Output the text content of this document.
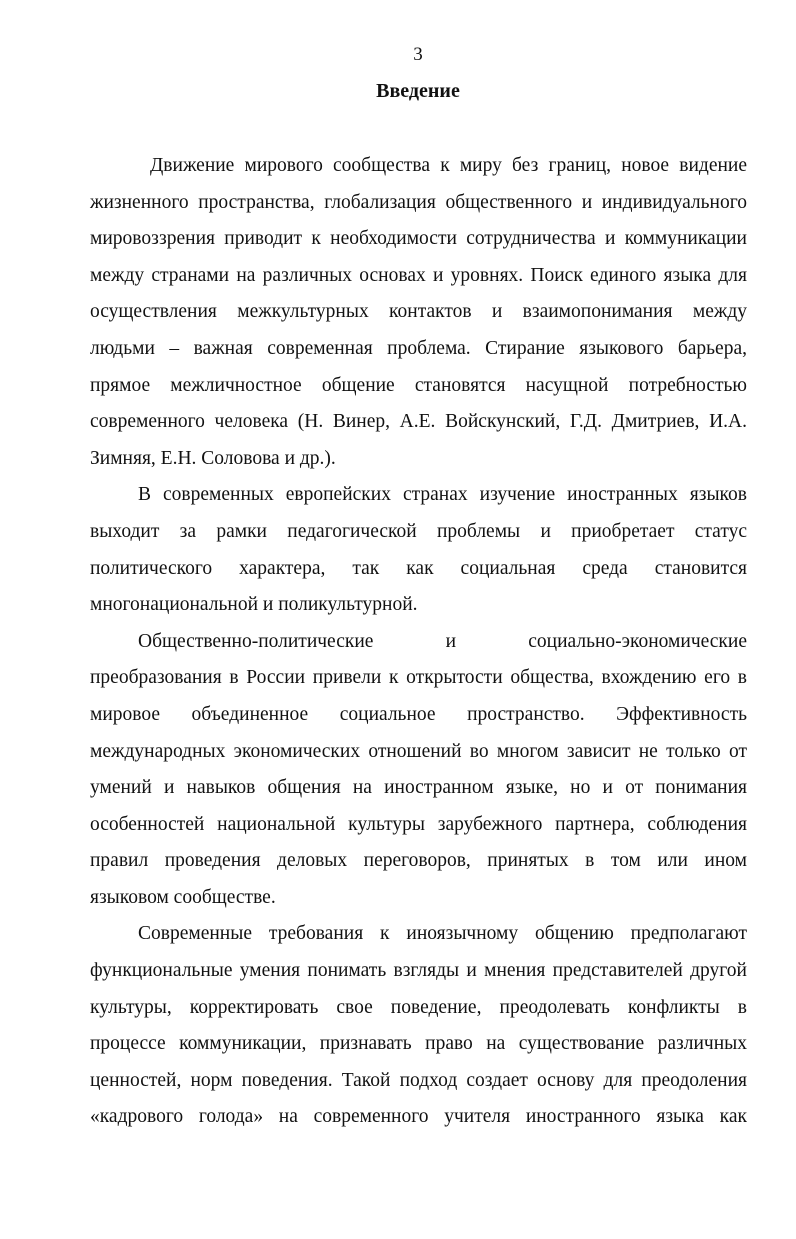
3
Введение
Движение мирового сообщества к миру без границ, новое видение
жизненного пространства, глобализация общественного и индивидуального
мировоззрения приводит к необходимости сотрудничества и коммуникации
между странами на различных основах и уровнях. Поиск единого языка для
осуществления межкультурных контактов и взаимопонимания между
людьми – важная современная проблема. Стирание языкового барьера,
прямое межличностное общение становятся насущной потребностью
современного человека (Н. Винер, А.Е. Войскунский, Г.Д. Дмитриев, И.А.
Зимняя, Е.Н. Соловова и др.).
В современных европейских странах изучение иностранных языков
выходит за рамки педагогической проблемы и приобретает статус
политического характера, так как социальная среда становится
многонациональной и поликультурной.
Общественно-политические и социально-экономические
преобразования в России привели к открытости общества, вхождению его в
мировое объединенное социальное пространство. Эффективность
международных экономических отношений во многом зависит не только от
умений и навыков общения на иностранном языке, но и от понимания
особенностей национальной культуры зарубежного партнера, соблюдения
правил проведения деловых переговоров, принятых в том или ином
языковом сообществе.
Современные требования к иноязычному общению предполагают
функциональные умения понимать взгляды и мнения представителей другой
культуры, корректировать свое поведение, преодолевать конфликты в
процессе коммуникации, признавать право на существование различных
ценностей, норм поведения. Такой подход создает основу для преодоления
«кадрового голода» на современного учителя иностранного языка как
